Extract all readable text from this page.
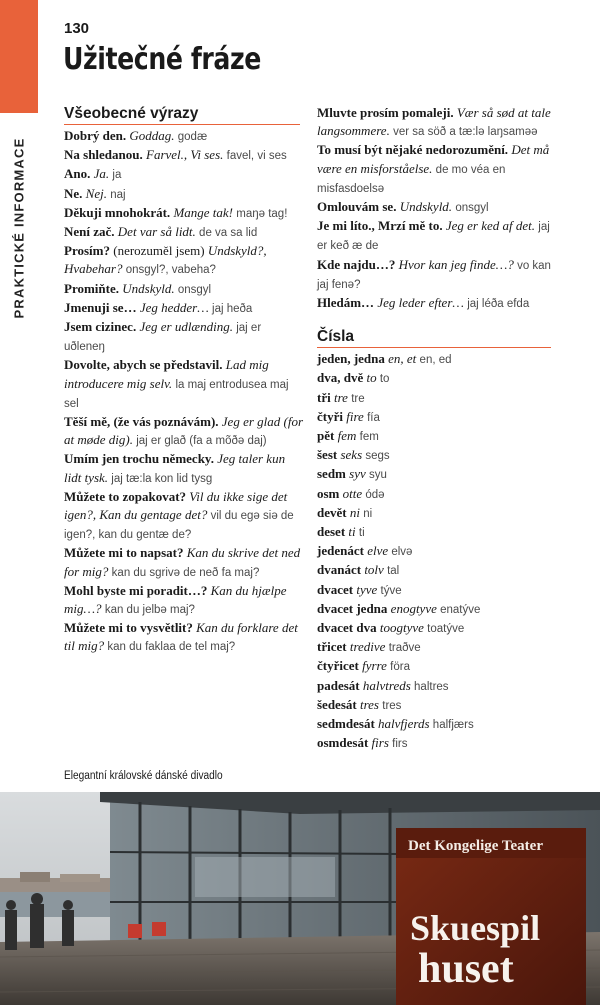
PRAKTICKÉ INFORMACE
130
Užitečné fráze
Všeobecné výrazy
Dobrý den. Goddag. godæ
Na shledanou. Farvel., Vi ses. favel, vi ses
Ano. Ja. ja
Ne. Nej. naj
Děkuji mnohokrát. Mange tak! maŋə tag!
Není zač. Det var så lidt. de va sa lid
Prosím? (nerozuměl jsem) Undskyld?, Hvabehar? onsgyl?, vabeha?
Promiňte. Undskyld. onsgyl
Jmenuji se… Jeg hedder… jaj heða
Jsem cizinec. Jeg er udlænding. jaj er uðleneŋ
Dovolte, abych se představil. Lad mig introducere mig selv. la maj entrodusea maj sel
Těší mě, (že vás poznávám). Jeg er glad (for at møde dig). jaj er glað (fa a mõðə daj)
Umím jen trochu německy. Jeg taler kun lidt tysk. jaj tæ:la kon lid tysg
Můžete to zopakovat? Vil du ikke sige det igen?, Kan du gentage det? vil du egə siə de igen?, kan du gentæ de?
Můžete mi to napsat? Kan du skrive det ned for mig? kan du sgrivə de neð fa maj?
Mohl byste mi poradit…? Kan du hjælpe mig…? kan du jelbə maj?
Můžete mi to vysvětlit? Kan du forklare det til mig? kan du faklaa de tel maj?
Mluvte prosím pomaleji. Vær så sød at tale langsommere. ver sa söð a tæ:lə laŋsaməə
To musí být nějaké nedorozumění. Det må være en misforståelse. de mo véa en misfasdoelsə
Omlouvám se. Undskyld. onsgyl
Je mi líto., Mrzí mě to. Jeg er ked af det. jaj er keð æ de
Kde najdu…? Hvor kan jeg finde…? vo kan jaj fenə?
Hledám… Jeg leder efter… jaj léða efda
Čísla
jeden, jedna en, et en, ed
dva, dvě to to
tři tre tre
čtyři fire fía
pět fem fem
šest seks segs
sedm syv syu
osm otte ódə
devět ni ni
deset ti ti
jedenáct elve elvə
dvanáct tolv tal
dvacet tyve týve
dvacet jedna enogtyve enatýve
dvacet dva toogtyve toatýve
třicet tredive traðve
čtyřicet fyrre föra
padesát halvtreds haltres
šedesát tres tres
sedmdesát halvfjerds halfjærs
osmdesát firs firs
Elegantní královské dánské divadlo
Det Kongelige Teater
Skuespil
huset
